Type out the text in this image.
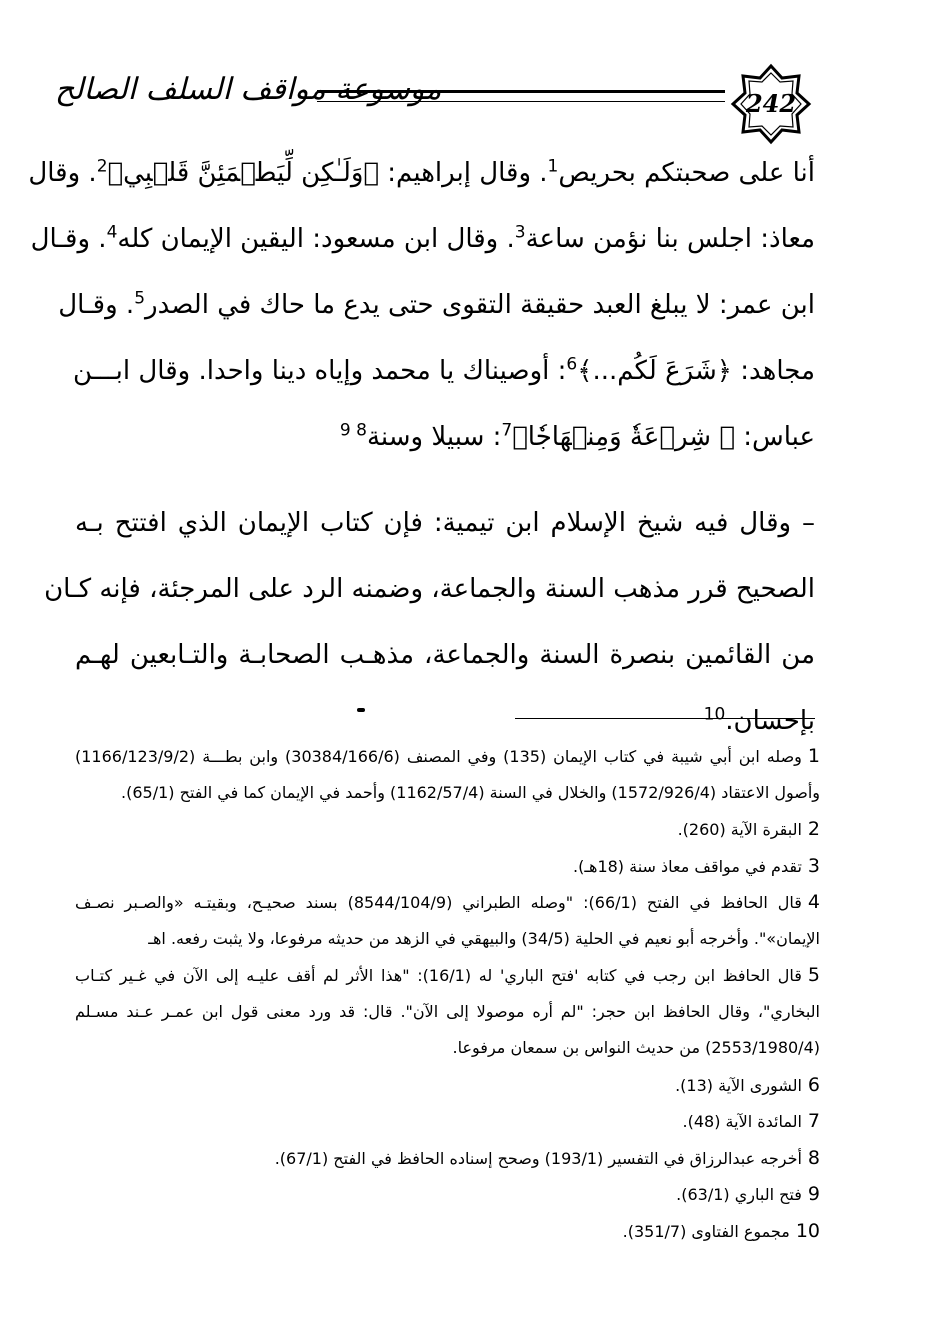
موسوعة مواقف السلف الصالح	242
أنا على صحبتكم بحريص$^1$. وقال إبراهيم: ﴿وَلَـٰكِن لِّيَطۡمَئِنَّ قَلۡبِي﴾$^2$. وقال
معاذ: اجلس بنا نؤمن ساعة$^3$. وقال ابن مسعود: اليقين الإيمان كله$^4$. وقـال
ابن عمر: لا يبلغ العبد حقيقة التقوى حتى يدع ما حاك في الصدر$^5$. وقـال
مجاهد: ﴿شَرَعَ لَكُم...﴾$^6$: أوصيناك يا محمد وإياه دينا واحدا. وقال ابـــن
عباس: ﴿ شِرۡعَةٗ وَمِنۡهَاجٗا﴾$^7$: سبيلا وسنة$^{8 9}$
– وقال فيه شيخ الإسلام ابن تيمية: فإن كتاب الإيمان الذي افتتح بـه
الصحيح قرر مذهب السنة والجماعة، وضمنه الرد على المرجئة، فإنه كـان
من القائمين بنصرة السنة والجماعة، مذهـب الصحابـة والتـابعين لهـم
بإحسان.$^{10}$
1وصله ابن أبي شيبة في كتاب الإيمان (135) وفي المصنف (30384/166/6) وابن بطـــة (1166/123/9/2)
وأصول الاعتقاد (1572/926/4) والخلال في السنة (1162/57/4) وأحمد في الإيمان كما في الفتح (65/1).
2البقرة الآية (260).
3تقدم في مواقف معاذ سنة (18هـ).
4قال الحافظ في الفتح (66/1): "وصله الطبراني (8544/104/9) بسند صحيـح، وبقيتـه «والصـبر نصـف
الإيمان»". وأخرجه أبو نعيم في الحلية (34/5) والبيهقي في الزهد من حديثه مرفوعا، ولا يثبت رفعه. اهـ
5قال الحافظ ابن رجب في كتابه 'فتح الباري' له (16/1): "هذا الأثر لم أقف عليـه إلى الآن في غـير كتـاب
البخاري"، وقال الحافظ ابن حجر: "لم أره موصولا إلى الآن". قال: قد ورد معنى قول ابن عمـر عـند مسـلم
(2553/1980/4) من حديث النواس بن سمعان مرفوعا.
6الشورى الآية (13).
7المائدة الآية (48).
8أخرجه عبدالرزاق في التفسير (193/1) وصحح إسناده الحافظ في الفتح (67/1).
9فتح الباري (63/1).
10مجموع الفتاوى (351/7).
